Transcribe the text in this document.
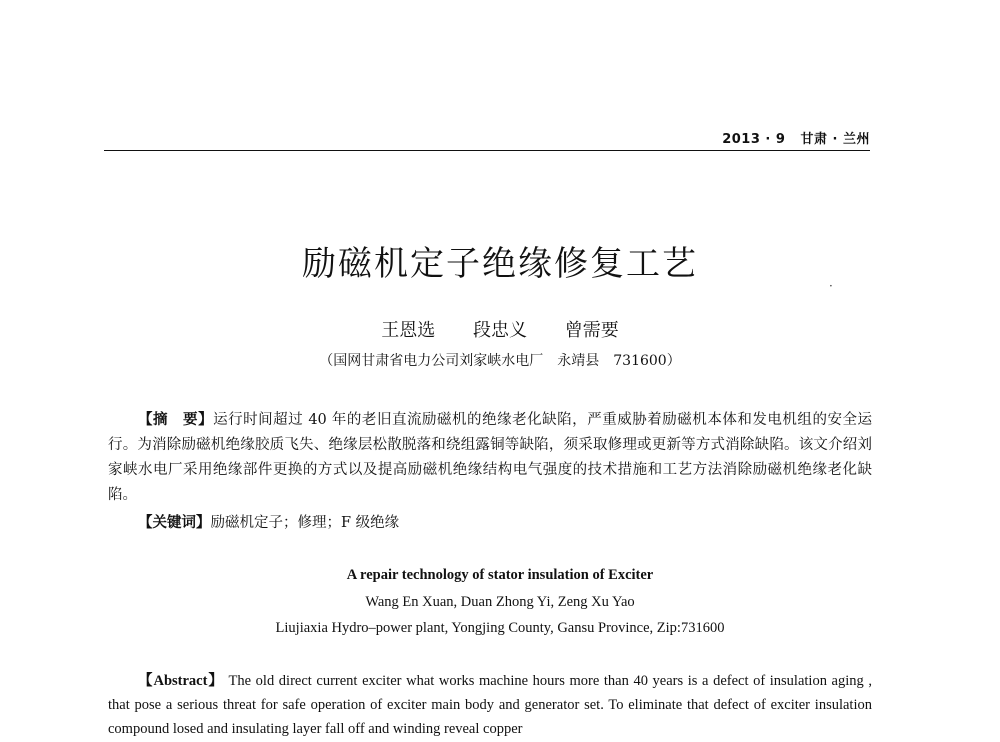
2013 · 9 甘肃 · 兰州
励磁机定子绝缘修复工艺
·
王恩选 段忠义 曾需要
（国网甘肃省电力公司刘家峡水电厂　永靖县　731600）

【摘　要】运行时间超过 40 年的老旧直流励磁机的绝缘老化缺陷，严重威胁着励磁机本体和发电机组的安全运行。为消除励磁机绝缘胶质飞失、绝缘层松散脱落和绕组露铜等缺陷，须采取修理或更新等方式消除缺陷。该文介绍刘家峡水电厂采用绝缘部件更换的方式以及提高励磁机绝缘结构电气强度的技术措施和工艺方法消除励磁机绝缘老化缺陷。

【关键词】励磁机定子；修理；F 级绝缘
A repair technology of stator insulation of Exciter
Wang En Xuan, Duan Zhong Yi, Zeng Xu Yao
Liujiaxia Hydro–power plant, Yongjing County, Gansu Province, Zip:731600

【Abstract】 The old direct current exciter what works machine hours more than 40 years is a defect of insulation aging , that pose a serious threat for safe operation of exciter main body and generator set. To eliminate that defect of exciter insulation compound losed and insulating layer fall off and winding reveal copper
